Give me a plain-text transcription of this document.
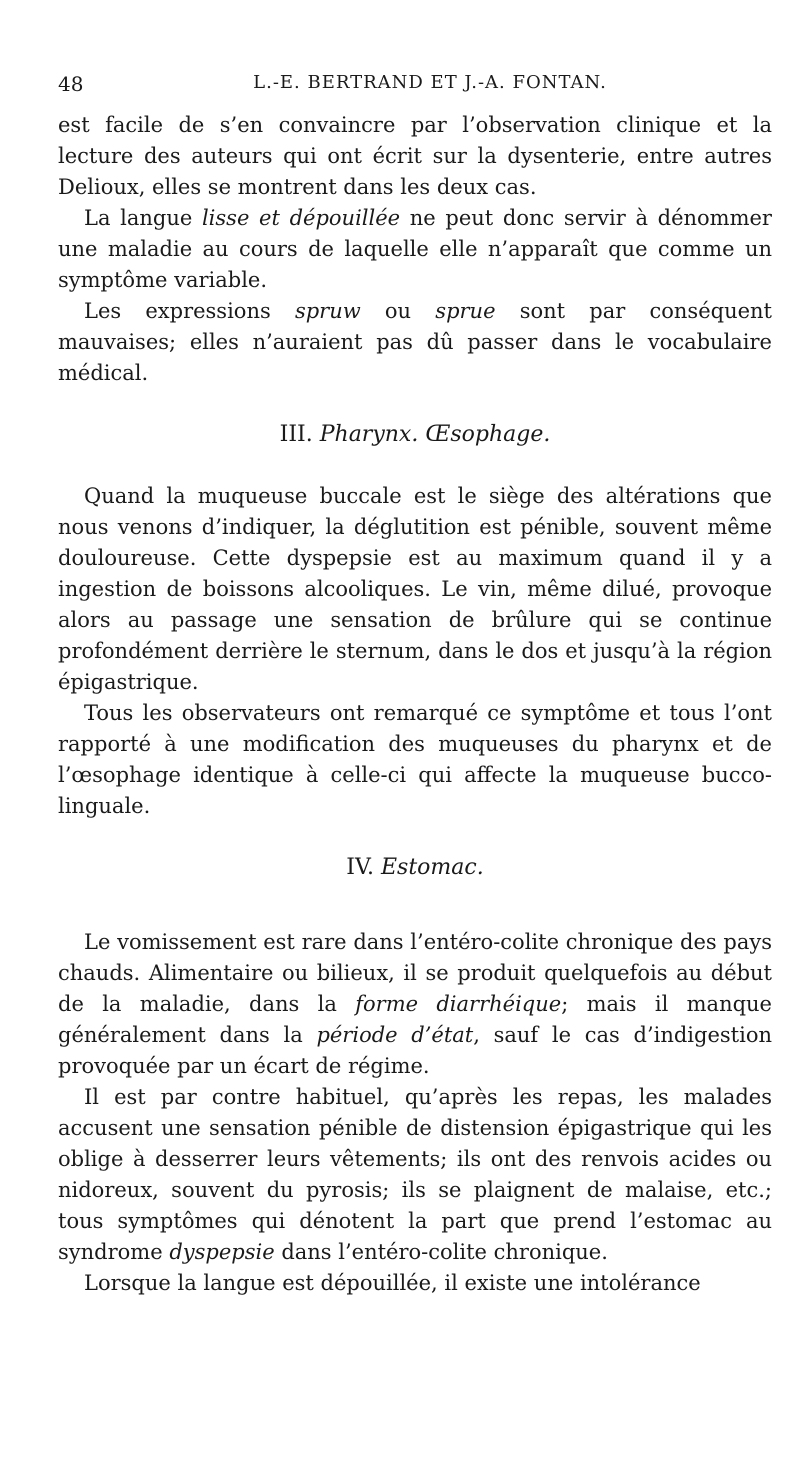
48	L.-E. BERTRAND ET J.-A. FONTAN.

est facile de s’en convaincre par l’observation clinique et la lecture des auteurs qui ont écrit sur la dysenterie, entre autres Delioux, elles se montrent dans les deux cas.

La langue lisse et dépouillée ne peut donc servir à dénommer une maladie au cours de laquelle elle n’apparaît que comme un symptôme variable.

Les expressions spruw ou sprue sont par conséquent mauvaises; elles n’auraient pas dû passer dans le vocabulaire médical.

III. Pharynx. Œsophage.

Quand la muqueuse buccale est le siège des altérations que nous venons d’indiquer, la déglutition est pénible, souvent même douloureuse. Cette dyspepsie est au maximum quand il y a ingestion de boissons alcooliques. Le vin, même dilué, provoque alors au passage une sensation de brûlure qui se continue profondément derrière le sternum, dans le dos et jusqu’à la région épigastrique.

Tous les observateurs ont remarqué ce symptôme et tous l’ont rapporté à une modification des muqueuses du pharynx et de l’œsophage identique à celle-ci qui affecte la muqueuse bucco-linguale.

IV. Estomac.

Le vomissement est rare dans l’entéro-colite chronique des pays chauds. Alimentaire ou bilieux, il se produit quelquefois au début de la maladie, dans la forme diarrhéique; mais il manque généralement dans la période d’état, sauf le cas d’indigestion provoquée par un écart de régime.

Il est par contre habituel, qu’après les repas, les malades accusent une sensation pénible de distension épigastrique qui les oblige à desserrer leurs vêtements; ils ont des renvois acides ou nidoreux, souvent du pyrosis; ils se plaignent de malaise, etc.; tous symptômes qui dénotent la part que prend l’estomac au syndrome dyspepsie dans l’entéro-colite chronique.

Lorsque la langue est dépouillée, il existe une intolérance
